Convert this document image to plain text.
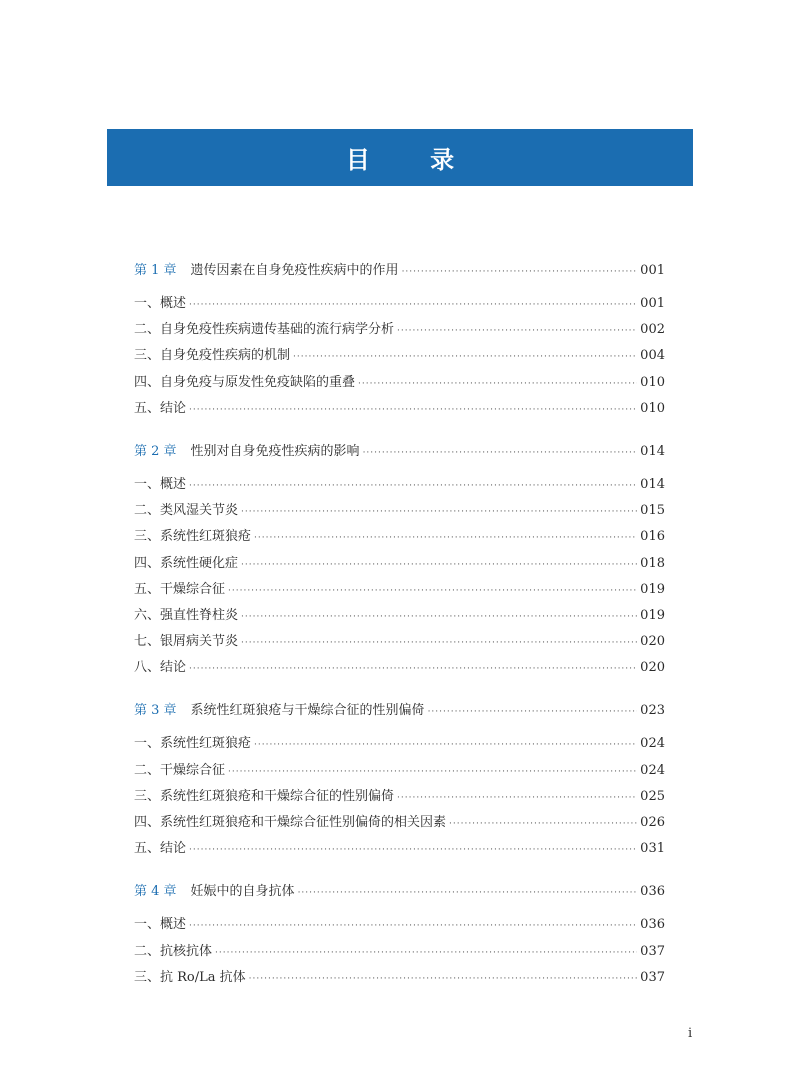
目 录
第 1 章 遗传因素在自身免疫性疾病中的作用 ·····	001
一、概述 ·····	001
二、自身免疫性疾病遗传基础的流行病学分析 ·····	002
三、自身免疫性疾病的机制 ·····	004
四、自身免疫与原发性免疫缺陷的重叠 ·····	010
五、结论 ·····	010
第 2 章 性别对自身免疫性疾病的影响 ·····	014
一、概述 ·····	014
二、类风湿关节炎 ·····	015
三、系统性红斑狼疮 ·····	016
四、系统性硬化症 ·····	018
五、干燥综合征 ·····	019
六、强直性脊柱炎 ·····	019
七、银屑病关节炎 ·····	020
八、结论 ·····	020
第 3 章 系统性红斑狼疮与干燥综合征的性别偏倚 ·····	023
一、系统性红斑狼疮 ·····	024
二、干燥综合征 ·····	024
三、系统性红斑狼疮和干燥综合征的性别偏倚 ·····	025
四、系统性红斑狼疮和干燥综合征性别偏倚的相关因素 ·····	026
五、结论 ·····	031
第 4 章 妊娠中的自身抗体 ·····	036
一、概述 ·····	036
二、抗核抗体 ·····	037
三、抗 Ro/La 抗体 ·····	037
i
